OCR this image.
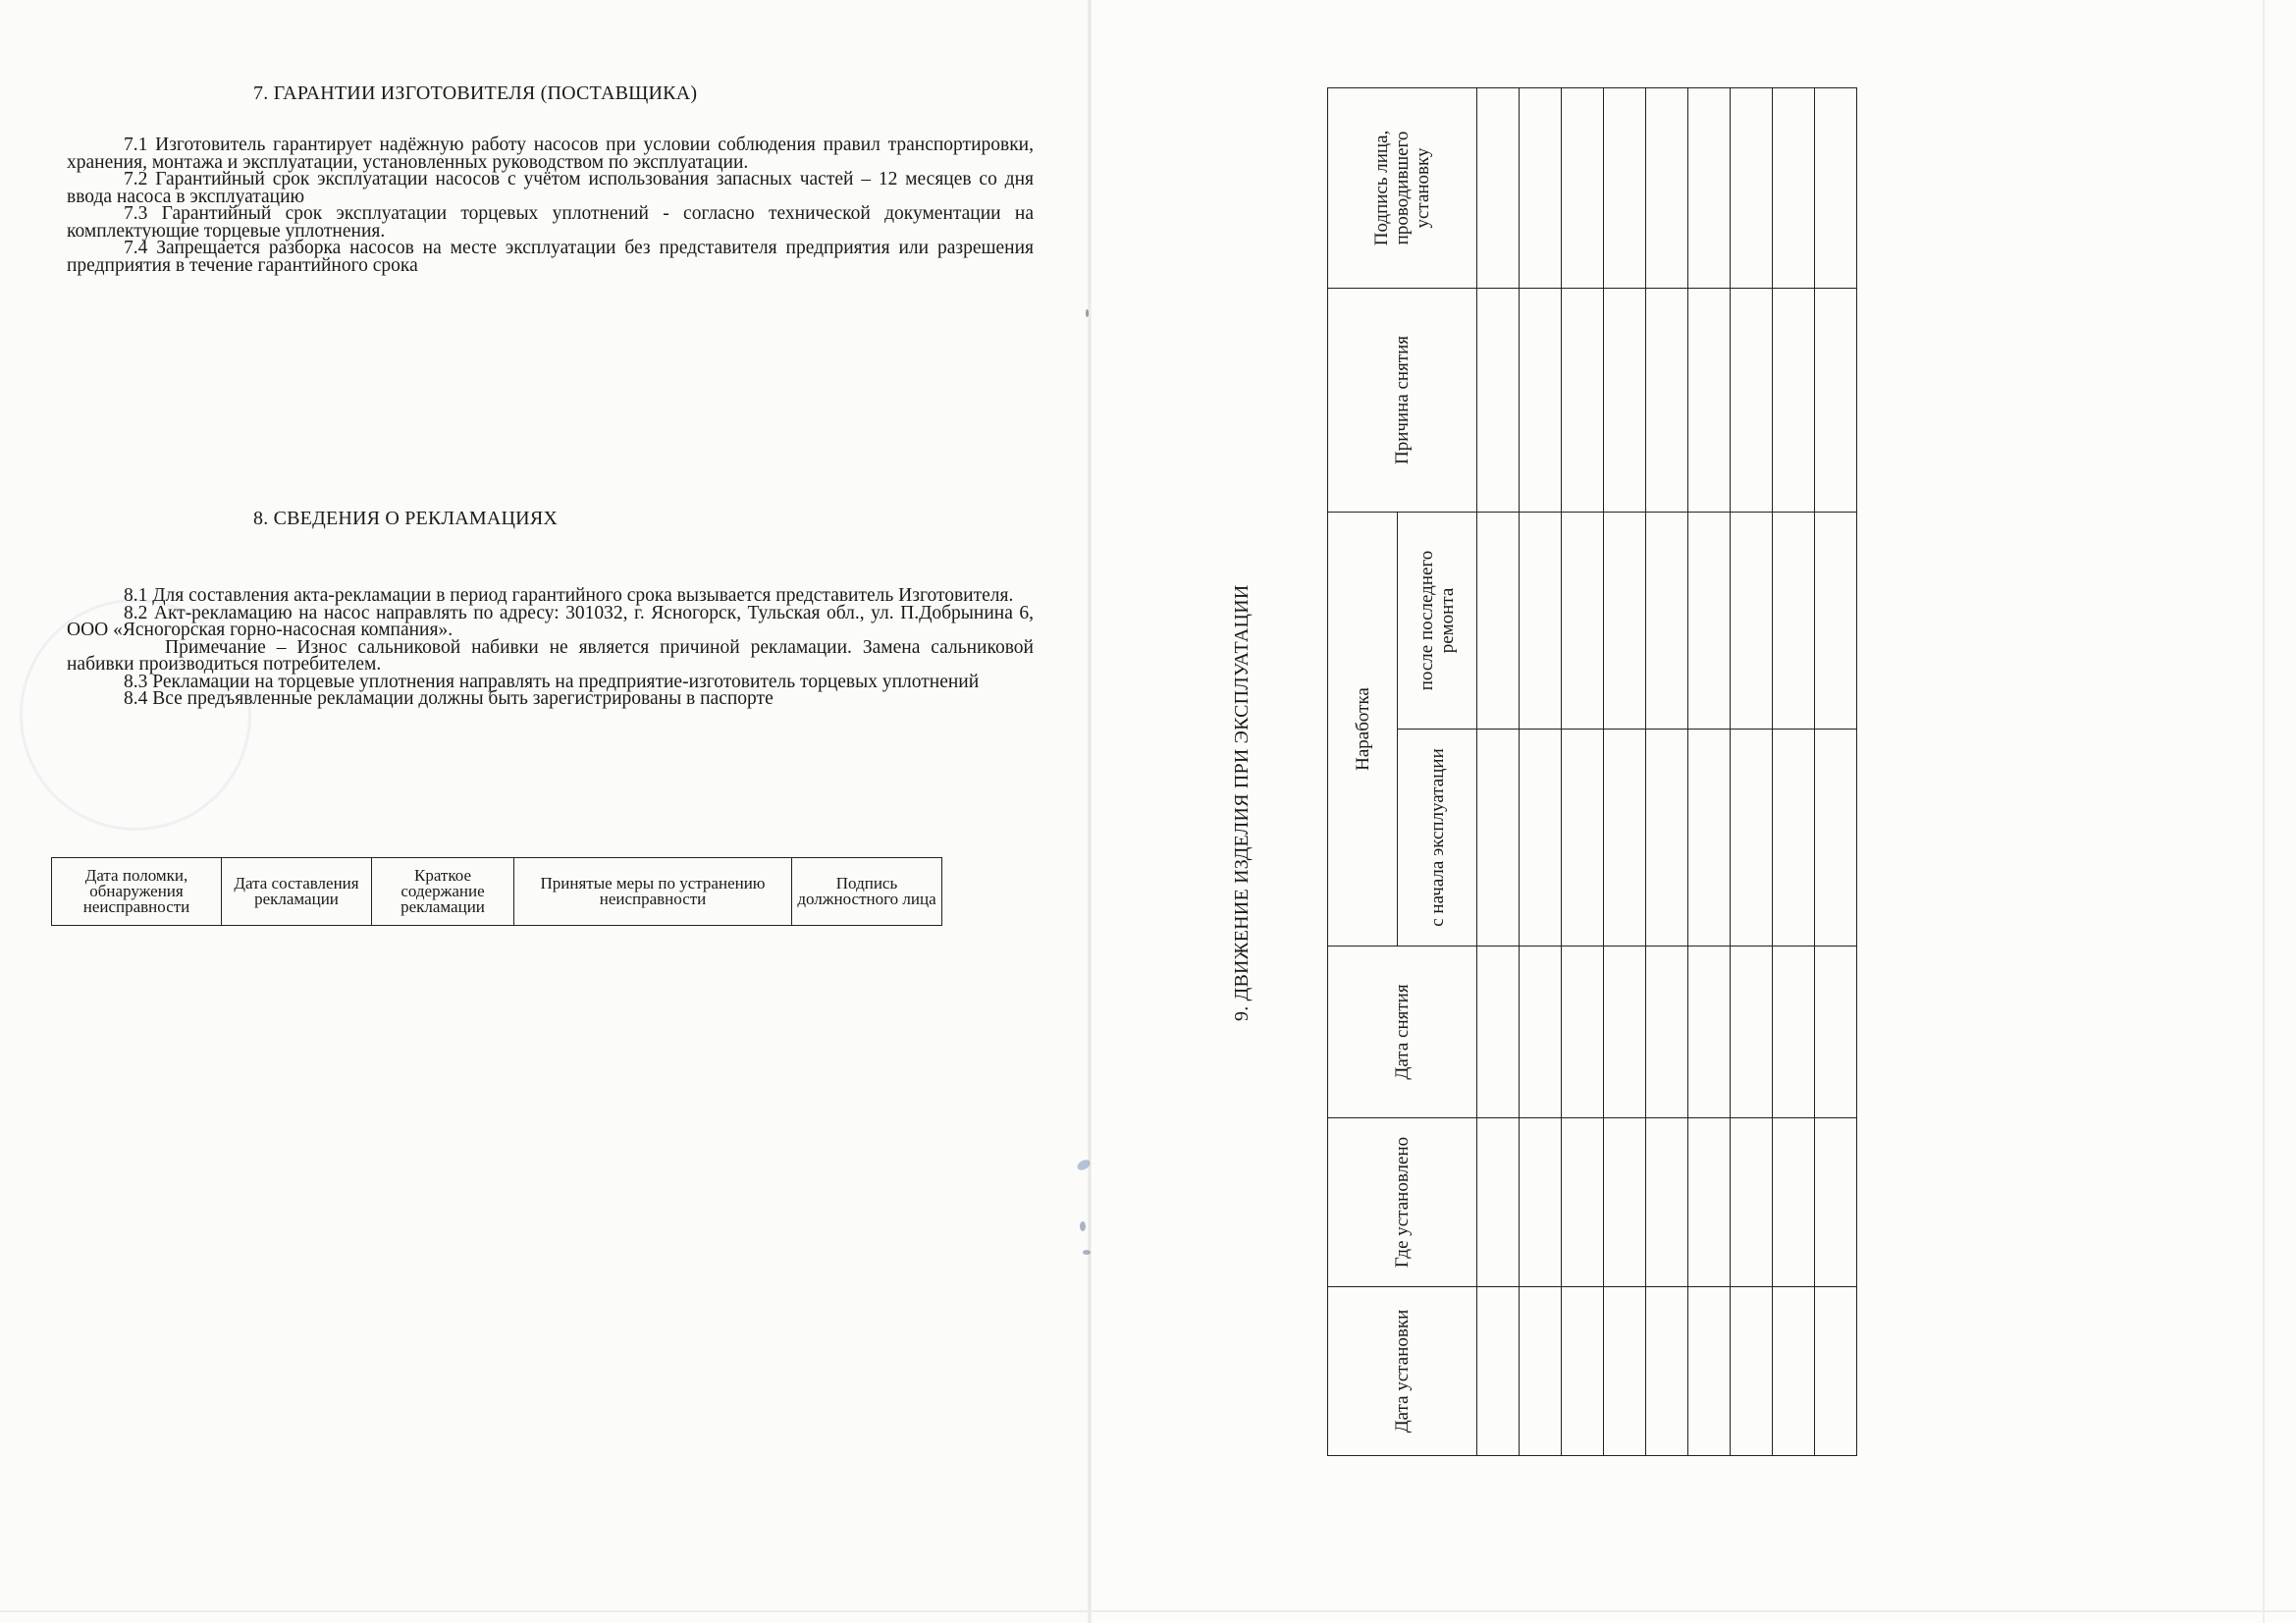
7. ГАРАНТИИ ИЗГОТОВИТЕЛЯ (ПОСТАВЩИКА)
7.1 Изготовитель гарантирует надёжную работу насосов при условии соблюдения правил транспортировки, хранения, монтажа и эксплуатации, установленных руководством по эксплуатации.
7.2 Гарантийный срок эксплуатации насосов с учётом использования запасных частей – 12 месяцев со дня ввода насоса в эксплуатацию
7.3 Гарантийный срок эксплуатации торцевых уплотнений - согласно технической документации на комплектующие торцевые уплотнения.
7.4 Запрещается разборка насосов на месте эксплуатации без представителя предприятия или разрешения предприятия в течение гарантийного срока
8. СВЕДЕНИЯ О РЕКЛАМАЦИЯХ
8.1 Для составления акта-рекламации в период гарантийного срока вызывается представитель Изготовителя.
8.2 Акт-рекламацию на насос направлять по адресу: 301032, г. Ясногорск, Тульская обл., ул. П.Добрынина 6, ООО «Ясногорская горно-насосная компания».
Примечание – Износ сальниковой набивки не является причиной рекламации. Замена сальниковой набивки производиться потребителем.
8.3 Рекламации на торцевые уплотнения направлять на предприятие-изготовитель торцевых уплотнений
8.4 Все предъявленные рекламации должны быть зарегистрированы в паспорте
Дата поломки, обнаружения неисправности	Дата составления рекламации	Краткое содержание рекламации	Принятые меры по устранению неисправности	Подпись должностного лица	9. ДВИЖЕНИЕ ИЗДЕЛИЯ ПРИ ЭКСПЛУАТАЦИИ
Дата установки	Где установлено	Дата снятия	Наработка		Причина снятия	Подпись лица, проводившего установку
			с начала эксплуатации	после последнего ремонта		
